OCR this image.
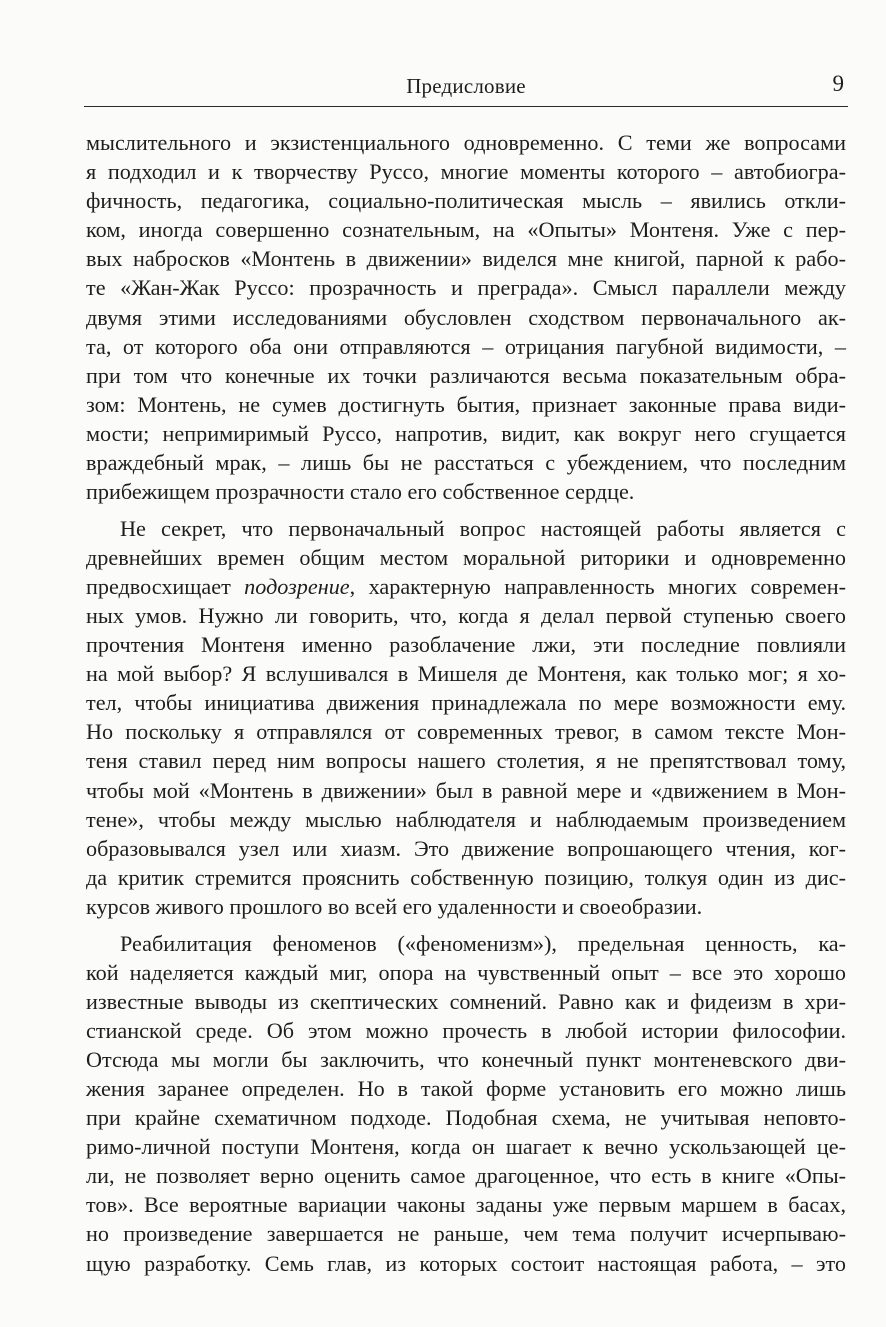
Предисловие	9
мыслительного и экзистенциального одновременно. С теми же вопросами
я подходил и к творчеству Руссо, многие моменты которого – автобиогра-
фичность, педагогика, социально-политическая мысль – явились откли-
ком, иногда совершенно сознательным, на «Опыты» Монтеня. Уже с пер-
вых набросков «Монтень в движении» виделся мне книгой, парной к рабо-
те «Жан-Жак Руссо: прозрачность и преграда». Смысл параллели между
двумя этими исследованиями обусловлен сходством первоначального ак-
та, от которого оба они отправляются – отрицания пагубной видимости, –
при том что конечные их точки различаются весьма показательным обра-
зом: Монтень, не сумев достигнуть бытия, признает законные права види-
мости; непримиримый Руссо, напротив, видит, как вокруг него сгущается
враждебный мрак, – лишь бы не расстаться с убеждением, что последним
прибежищем прозрачности стало его собственное сердце.
Не секрет, что первоначальный вопрос настоящей работы является с
древнейших времен общим местом моральной риторики и одновременно
предвосхищает подозрение, характерную направленность многих современ-
ных умов. Нужно ли говорить, что, когда я делал первой ступенью своего
прочтения Монтеня именно разоблачение лжи, эти последние повлияли
на мой выбор? Я вслушивался в Мишеля де Монтеня, как только мог; я хо-
тел, чтобы инициатива движения принадлежала по мере возможности ему.
Но поскольку я отправлялся от современных тревог, в самом тексте Мон-
теня ставил перед ним вопросы нашего столетия, я не препятствовал тому,
чтобы мой «Монтень в движении» был в равной мере и «движением в Мон-
тене», чтобы между мыслью наблюдателя и наблюдаемым произведением
образовывался узел или хиазм. Это движение вопрошающего чтения, ког-
да критик стремится прояснить собственную позицию, толкуя один из дис-
курсов живого прошлого во всей его удаленности и своеобразии.
Реабилитация феноменов («феноменизм»), предельная ценность, ка-
кой наделяется каждый миг, опора на чувственный опыт – все это хорошо
известные выводы из скептических сомнений. Равно как и фидеизм в хри-
стианской среде. Об этом можно прочесть в любой истории философии.
Отсюда мы могли бы заключить, что конечный пункт монтеневского дви-
жения заранее определен. Но в такой форме установить его можно лишь
при крайне схематичном подходе. Подобная схема, не учитывая неповто-
римо-личной поступи Монтеня, когда он шагает к вечно ускользающей це-
ли, не позволяет верно оценить самое драгоценное, что есть в книге «Опы-
тов». Все вероятные вариации чаконы заданы уже первым маршем в басах,
но произведение завершается не раньше, чем тема получит исчерпываю-
щую разработку. Семь глав, из которых состоит настоящая работа, – это
